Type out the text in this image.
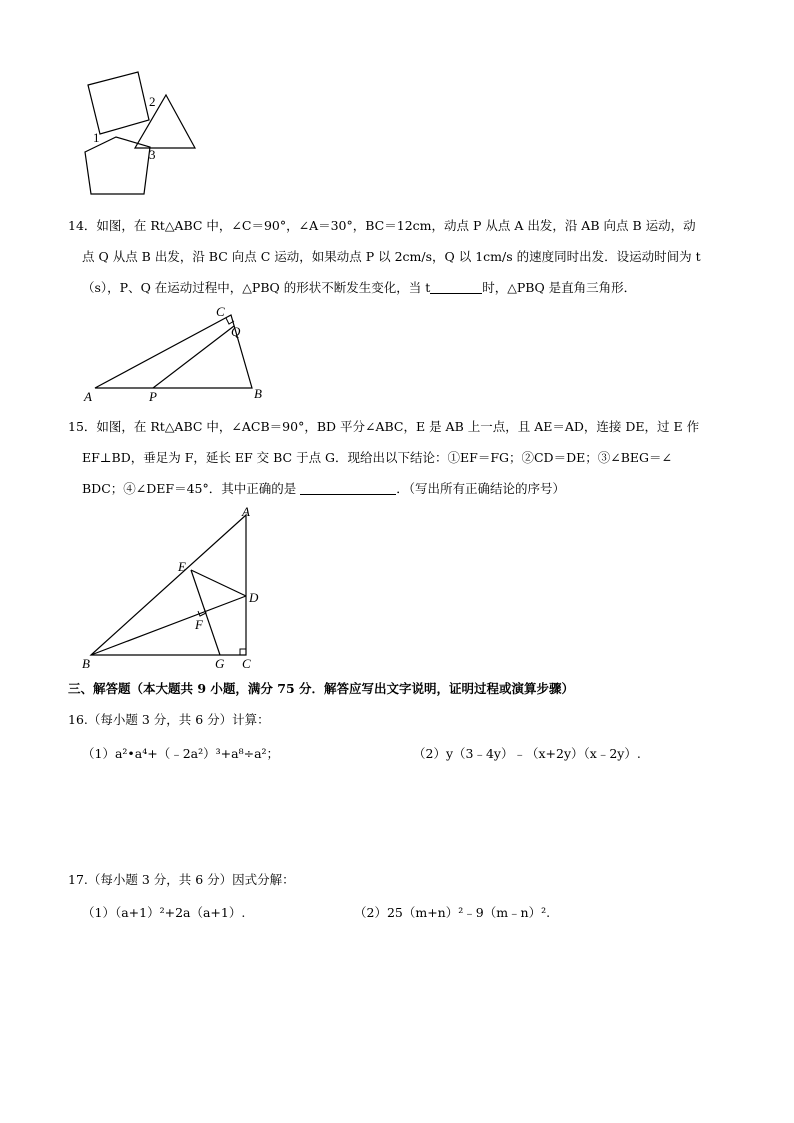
2
1
3
14．如图，在 Rt△ABC 中，∠C＝90°，∠A＝30°，BC＝12cm，动点 P 从点 A 出发，沿 AB 向点 B 运动，动
点 Q 从点 B 出发，沿 BC 向点 C 运动，如果动点 P 以 2cm/s，Q 以 1cm/s 的速度同时出发．设运动时间为 t
（s），P、Q 在运动过程中，△PBQ 的形状不断发生变化，当 t	时，△PBQ 是直角三角形．
C
Q
A	P	B
15．如图，在 Rt△ABC 中，∠ACB＝90°，BD 平分∠ABC，E 是 AB 上一点，且 AE＝AD，连接 DE，过 E 作
EF⊥BD，垂足为 F，延长 EF 交 BC 于点 G．现给出以下结论：①EF＝FG；②CD＝DE；③∠BEG＝∠
BDC；④∠DEF＝45°．其中正确的是	．（写出所有正确结论的序号）
A
E
D
F
B	G C
三、解答题（本大题共 9 小题，满分 75 分．解答应写出文字说明，证明过程或演算步骤）
16.（每小题 3 分，共 6 分）计算：
（1）a²•a⁴+（﹣2a²）³+a⁸÷a²；	（2）y（3﹣4y）﹣（x+2y）（x﹣2y）.
17.（每小题 3 分，共 6 分）因式分解：
（1）（a+1）²+2a（a+1）.	（2）25（m+n）²﹣9（m﹣n）².
